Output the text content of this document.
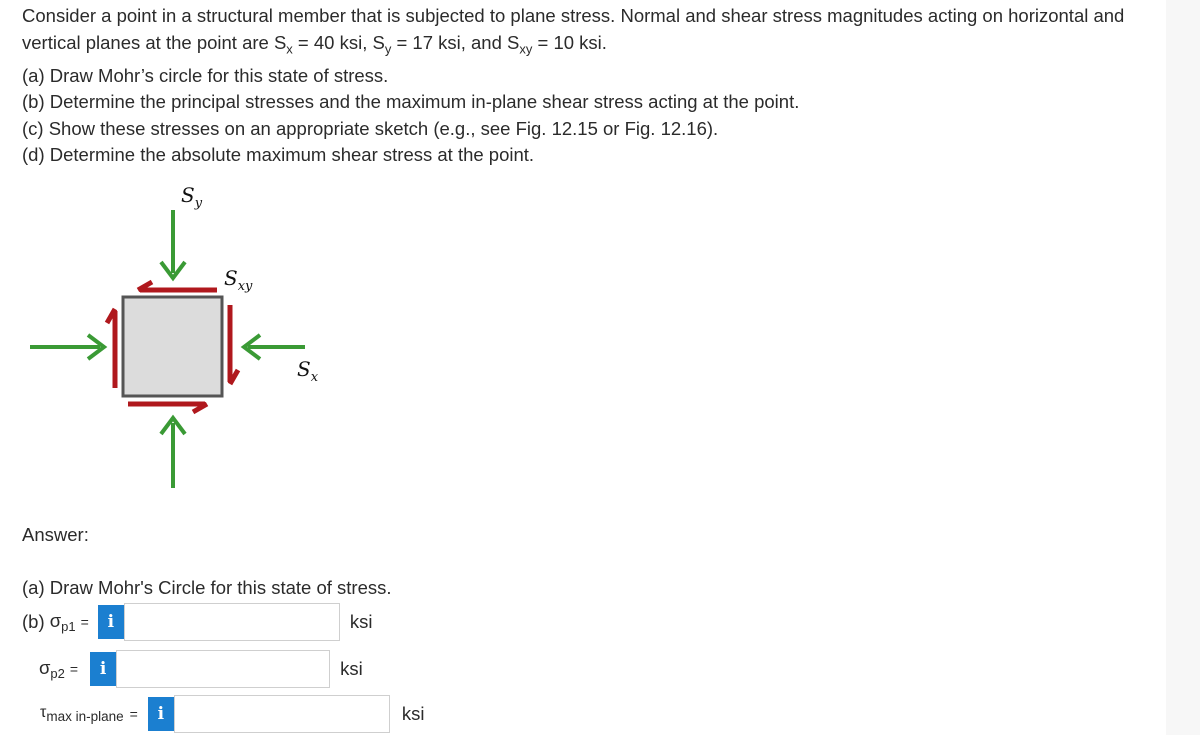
Consider a point in a structural member that is subjected to plane stress. Normal and shear stress magnitudes acting on horizontal and vertical planes at the point are $S_x = 40$ ksi, $S_y = 17$ ksi, and $S_{xy} = 10$ ksi.

(a) Draw Mohr’s circle for this state of stress.

(b) Determine the principal stresses and the maximum in-plane shear stress acting at the point.

(c) Show these stresses on an appropriate sketch (e.g., see Fig. 12.15 or Fig. 12.16).

(d) Determine the absolute maximum shear stress at the point.

$S_y$
$S_{xy}$
$S_x$
Answer:
(a) Draw Mohr's Circle for this state of stress.
(b) $\sigma_{p1}$ =	i	ksi
$\sigma_{p2}$ =	i	ksi
$\tau_{max in-plane}$ =	i	ksi
